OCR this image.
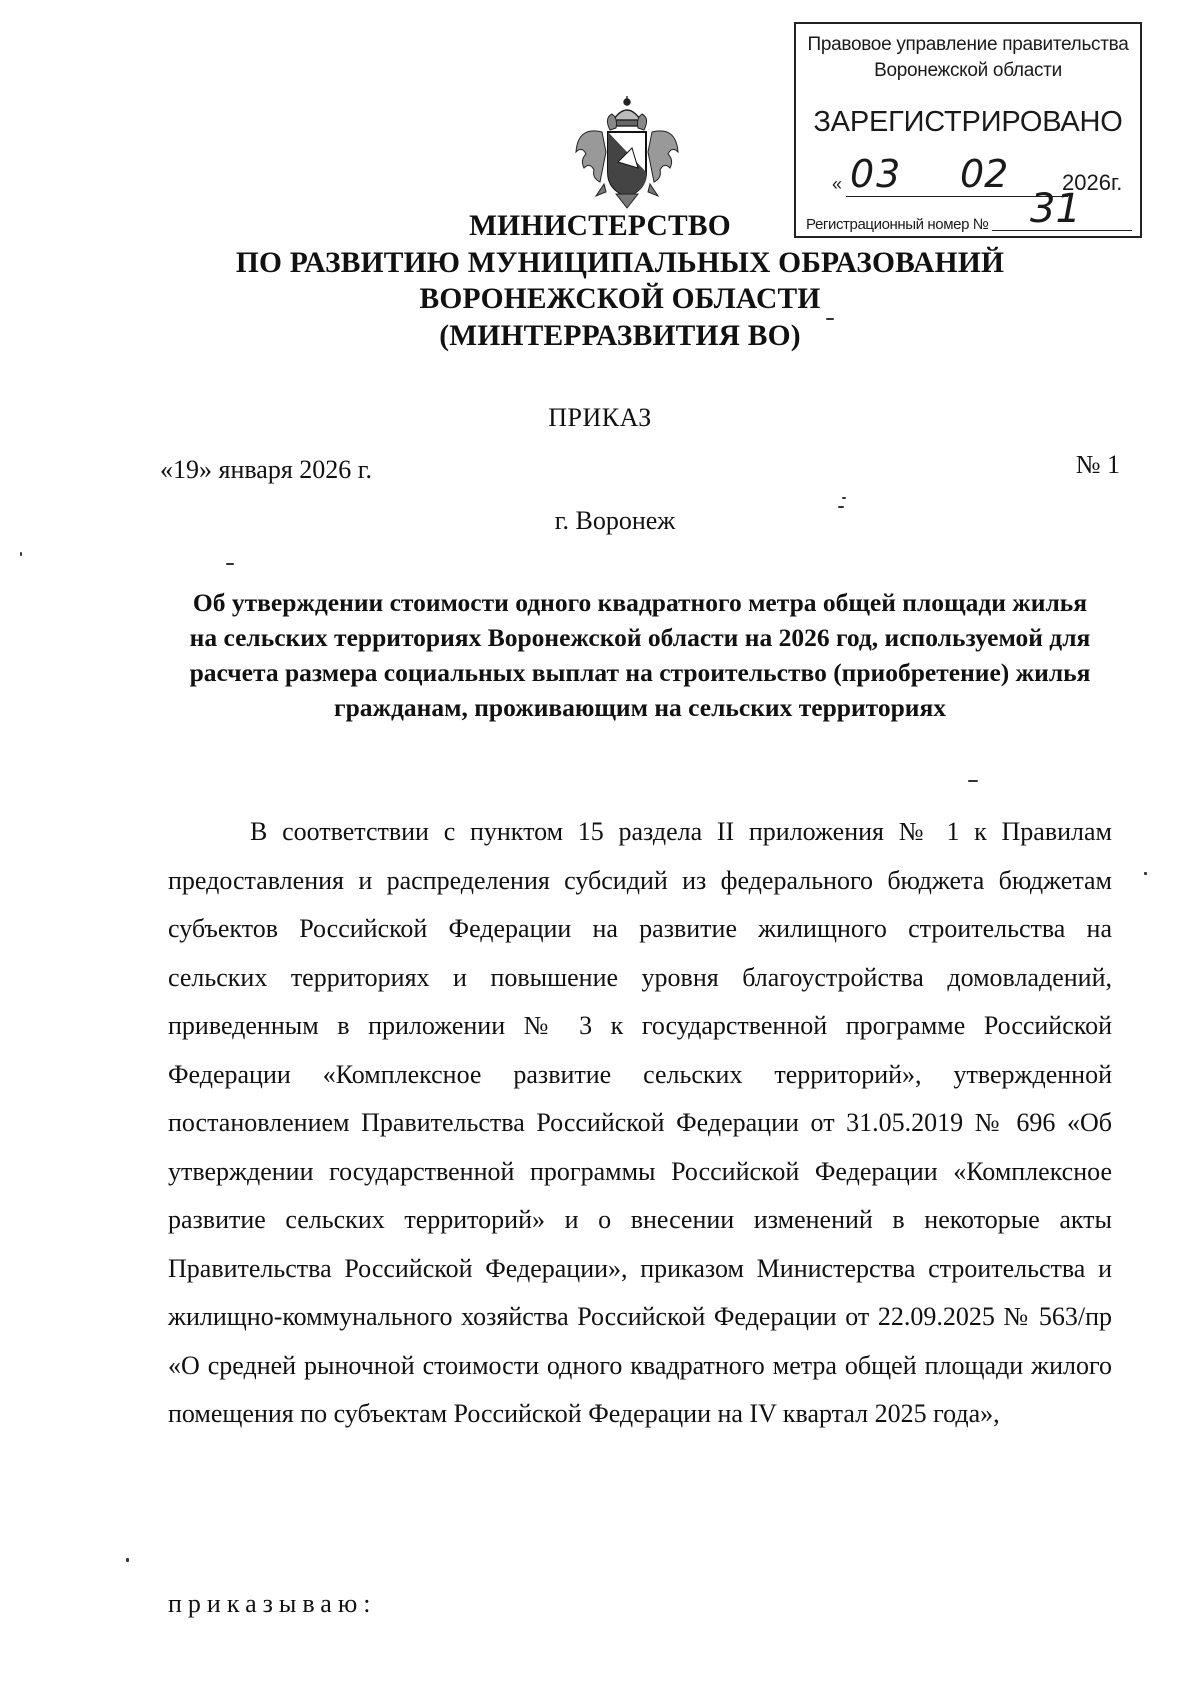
Правовое управление правительства
Воронежской области
ЗАРЕГИСТРИРОВАНО
« 03 02 2026г.
Регистрационный номер № 31
МИНИСТЕРСТВО
ПО РАЗВИТИЮ МУНИЦИПАЛЬНЫХ ОБРАЗОВАНИЙ
ВОРОНЕЖСКОЙ ОБЛАСТИ
(МИНТЕРРАЗВИТИЯ ВО)
ПРИКАЗ
«19» января 2026 г.	№ 1
г. Воронеж
Об утверждении стоимости одного квадратного метра общей площади жилья на сельских территориях Воронежской области на 2026 год, используемой для расчета размера социальных выплат на строительство (приобретение) жилья гражданам, проживающим на сельских территориях
В соответствии с пунктом 15 раздела II приложения № 1 к Правилам предоставления и распределения субсидий из федерального бюджета бюджетам субъектов Российской Федерации на развитие жилищного строительства на сельских территориях и повышение уровня благоустройства домовладений, приведенным в приложении № 3 к государственной программе Российской Федерации «Комплексное развитие сельских территорий», утвержденной постановлением Правительства Российской Федерации от 31.05.2019 № 696 «Об утверждении государственной программы Российской Федерации «Комплексное развитие сельских территорий» и о внесении изменений в некоторые акты Правительства Российской Федерации», приказом Министерства строительства и жилищно-коммунального хозяйства Российской Федерации от 22.09.2025 № 563/пр «О средней рыночной стоимости одного квадратного метра общей площади жилого помещения по субъектам Российской Федерации на IV квартал 2025 года»,
приказываю:
